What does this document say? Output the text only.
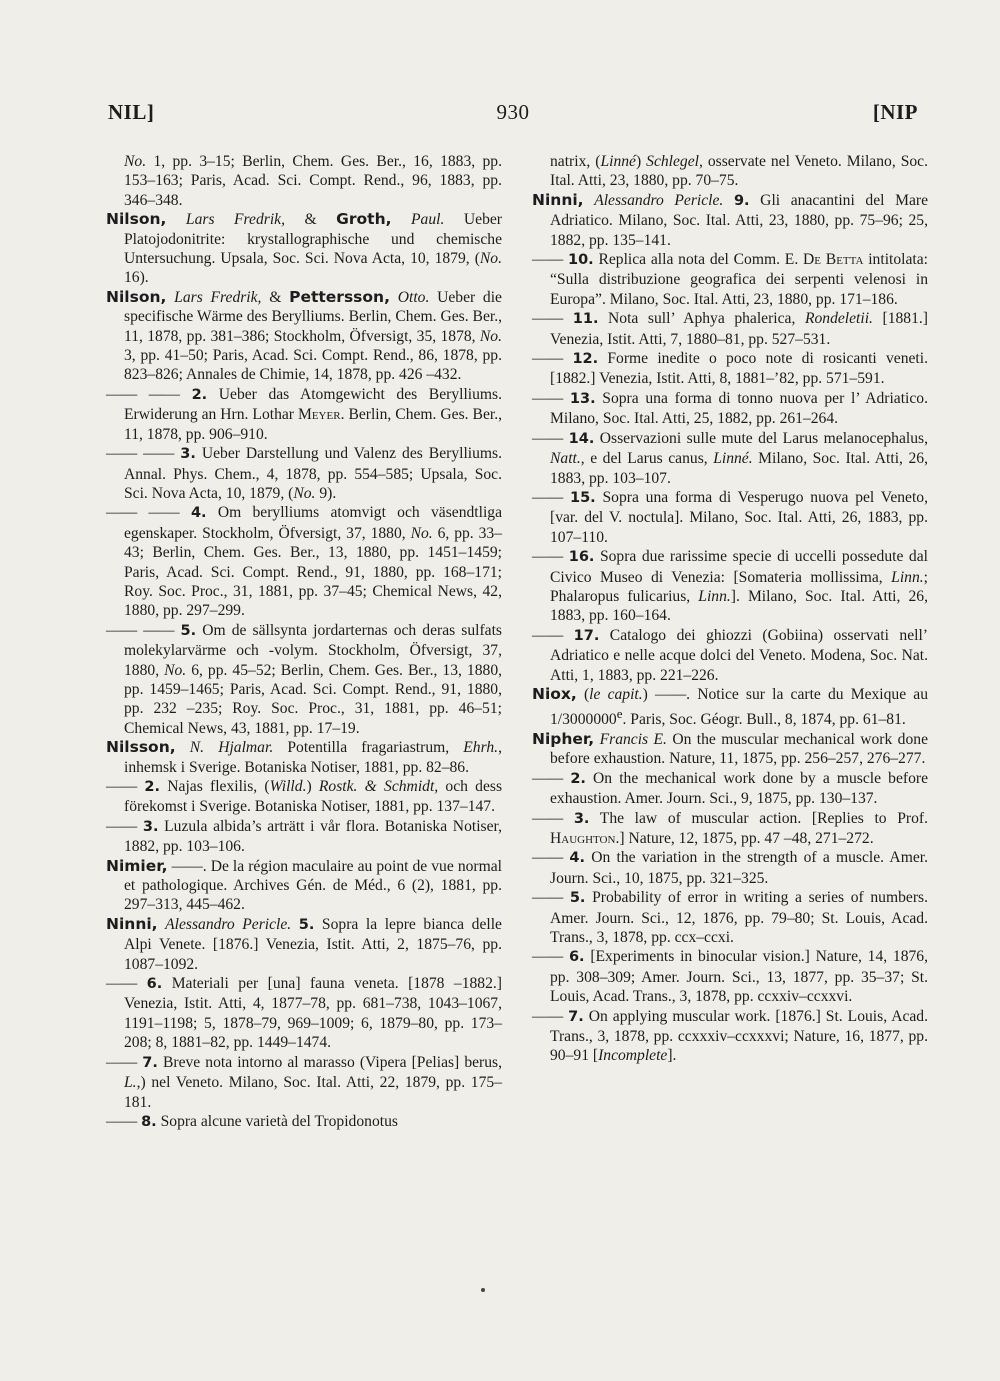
NIL]	930	[NIP

No. 1, pp. 3–15; Berlin, Chem. Ges. Ber., 16, 1883, pp. 153–163; Paris, Acad. Sci. Compt. Rend., 96, 1883, pp. 346–348.

Nilson, Lars Fredrik, & Groth, Paul. Ueber Platojodonitrite: krystallographische und chemische Untersuchung. Upsala, Soc. Sci. Nova Acta, 10, 1879, (No. 16).

Nilson, Lars Fredrik, & Pettersson, Otto. Ueber die specifische Wärme des Berylliums. Berlin, Chem. Ges. Ber., 11, 1878, pp. 381–386; Stockholm, Öfversigt, 35, 1878, No. 3, pp. 41–50; Paris, Acad. Sci. Compt. Rend., 86, 1878, pp. 823–826; Annales de Chimie, 14, 1878, pp. 426 –432.

—— —— 2. Ueber das Atomgewicht des Berylliums. Erwiderung an Hrn. Lothar Meyer. Berlin, Chem. Ges. Ber., 11, 1878, pp. 906–910.

—— —— 3. Ueber Darstellung und Valenz des Berylliums. Annal. Phys. Chem., 4, 1878, pp. 554–585; Upsala, Soc. Sci. Nova Acta, 10, 1879, (No. 9).

—— —— 4. Om berylliums atomvigt och väsendtliga egenskaper. Stockholm, Öfversigt, 37, 1880, No. 6, pp. 33–43; Berlin, Chem. Ges. Ber., 13, 1880, pp. 1451–1459; Paris, Acad. Sci. Compt. Rend., 91, 1880, pp. 168–171; Roy. Soc. Proc., 31, 1881, pp. 37–45; Chemical News, 42, 1880, pp. 297–299.

—— —— 5. Om de sällsynta jordarternas och deras sulfats molekylarvärme och -volym. Stockholm, Öfversigt, 37, 1880, No. 6, pp. 45–52; Berlin, Chem. Ges. Ber., 13, 1880, pp. 1459–1465; Paris, Acad. Sci. Compt. Rend., 91, 1880, pp. 232 –235; Roy. Soc. Proc., 31, 1881, pp. 46–51; Chemical News, 43, 1881, pp. 17–19.

Nilsson, N. Hjalmar. Potentilla fragariastrum, Ehrh., inhemsk i Sverige. Botaniska Notiser, 1881, pp. 82–86.

—— 2. Najas flexilis, (Willd.) Rostk. & Schmidt, och dess förekomst i Sverige. Botaniska Notiser, 1881, pp. 137–147.

—— 3. Luzula albida’s arträtt i vår flora. Botaniska Notiser, 1882, pp. 103–106.

Nimier, ——. De la région maculaire au point de vue normal et pathologique. Archives Gén. de Méd., 6 (2), 1881, pp. 297–313, 445–462.

Ninni, Alessandro Pericle. 5. Sopra la lepre bianca delle Alpi Venete. [1876.] Venezia, Istit. Atti, 2, 1875–76, pp. 1087–1092.

—— 6. Materiali per [una] fauna veneta. [1878 –1882.] Venezia, Istit. Atti, 4, 1877–78, pp. 681–738, 1043–1067, 1191–1198; 5, 1878–79, 969–1009; 6, 1879–80, pp. 173–208; 8, 1881–82, pp. 1449–1474.

—— 7. Breve nota intorno al marasso (Vipera [Pelias] berus, L.,) nel Veneto. Milano, Soc. Ital. Atti, 22, 1879, pp. 175–181.

—— 8. Sopra alcune varietà del Tropidonotus

natrix, (Linné) Schlegel, osservate nel Veneto. Milano, Soc. Ital. Atti, 23, 1880, pp. 70–75.

Ninni, Alessandro Pericle. 9. Gli anacantini del Mare Adriatico. Milano, Soc. Ital. Atti, 23, 1880, pp. 75–96; 25, 1882, pp. 135–141.

—— 10. Replica alla nota del Comm. E. De Betta intitolata: “Sulla distribuzione geografica dei serpenti velenosi in Europa”. Milano, Soc. Ital. Atti, 23, 1880, pp. 171–186.

—— 11. Nota sull’ Aphya phalerica, Rondeletii. [1881.] Venezia, Istit. Atti, 7, 1880–81, pp. 527–531.

—— 12. Forme inedite o poco note di rosicanti veneti. [1882.] Venezia, Istit. Atti, 8, 1881–’82, pp. 571–591.

—— 13. Sopra una forma di tonno nuova per l’ Adriatico. Milano, Soc. Ital. Atti, 25, 1882, pp. 261–264.

—— 14. Osservazioni sulle mute del Larus melanocephalus, Natt., e del Larus canus, Linné. Milano, Soc. Ital. Atti, 26, 1883, pp. 103–107.

—— 15. Sopra una forma di Vesperugo nuova pel Veneto, [var. del V. noctula]. Milano, Soc. Ital. Atti, 26, 1883, pp. 107–110.

—— 16. Sopra due rarissime specie di uccelli possedute dal Civico Museo di Venezia: [Somateria mollissima, Linn.; Phalaropus fulicarius, Linn.]. Milano, Soc. Ital. Atti, 26, 1883, pp. 160–164.

—— 17. Catalogo dei ghiozzi (Gobiina) osservati nell’ Adriatico e nelle acque dolci del Veneto. Modena, Soc. Nat. Atti, 1, 1883, pp. 221–226.

Niox, (le capit.) ——. Notice sur la carte du Mexique au 1/3000000e. Paris, Soc. Géogr. Bull., 8, 1874, pp. 61–81.

Nipher, Francis E. On the muscular mechanical work done before exhaustion. Nature, 11, 1875, pp. 256–257, 276–277.

—— 2. On the mechanical work done by a muscle before exhaustion. Amer. Journ. Sci., 9, 1875, pp. 130–137.

—— 3. The law of muscular action. [Replies to Prof. Haughton.] Nature, 12, 1875, pp. 47 –48, 271–272.

—— 4. On the variation in the strength of a muscle. Amer. Journ. Sci., 10, 1875, pp. 321–325.

—— 5. Probability of error in writing a series of numbers. Amer. Journ. Sci., 12, 1876, pp. 79–80; St. Louis, Acad. Trans., 3, 1878, pp. ccx–ccxi.

—— 6. [Experiments in binocular vision.] Nature, 14, 1876, pp. 308–309; Amer. Journ. Sci., 13, 1877, pp. 35–37; St. Louis, Acad. Trans., 3, 1878, pp. ccxxiv–ccxxvi.

—— 7. On applying muscular work. [1876.] St. Louis, Acad. Trans., 3, 1878, pp. ccxxxiv–ccxxxvi; Nature, 16, 1877, pp. 90–91 [Incomplete].
